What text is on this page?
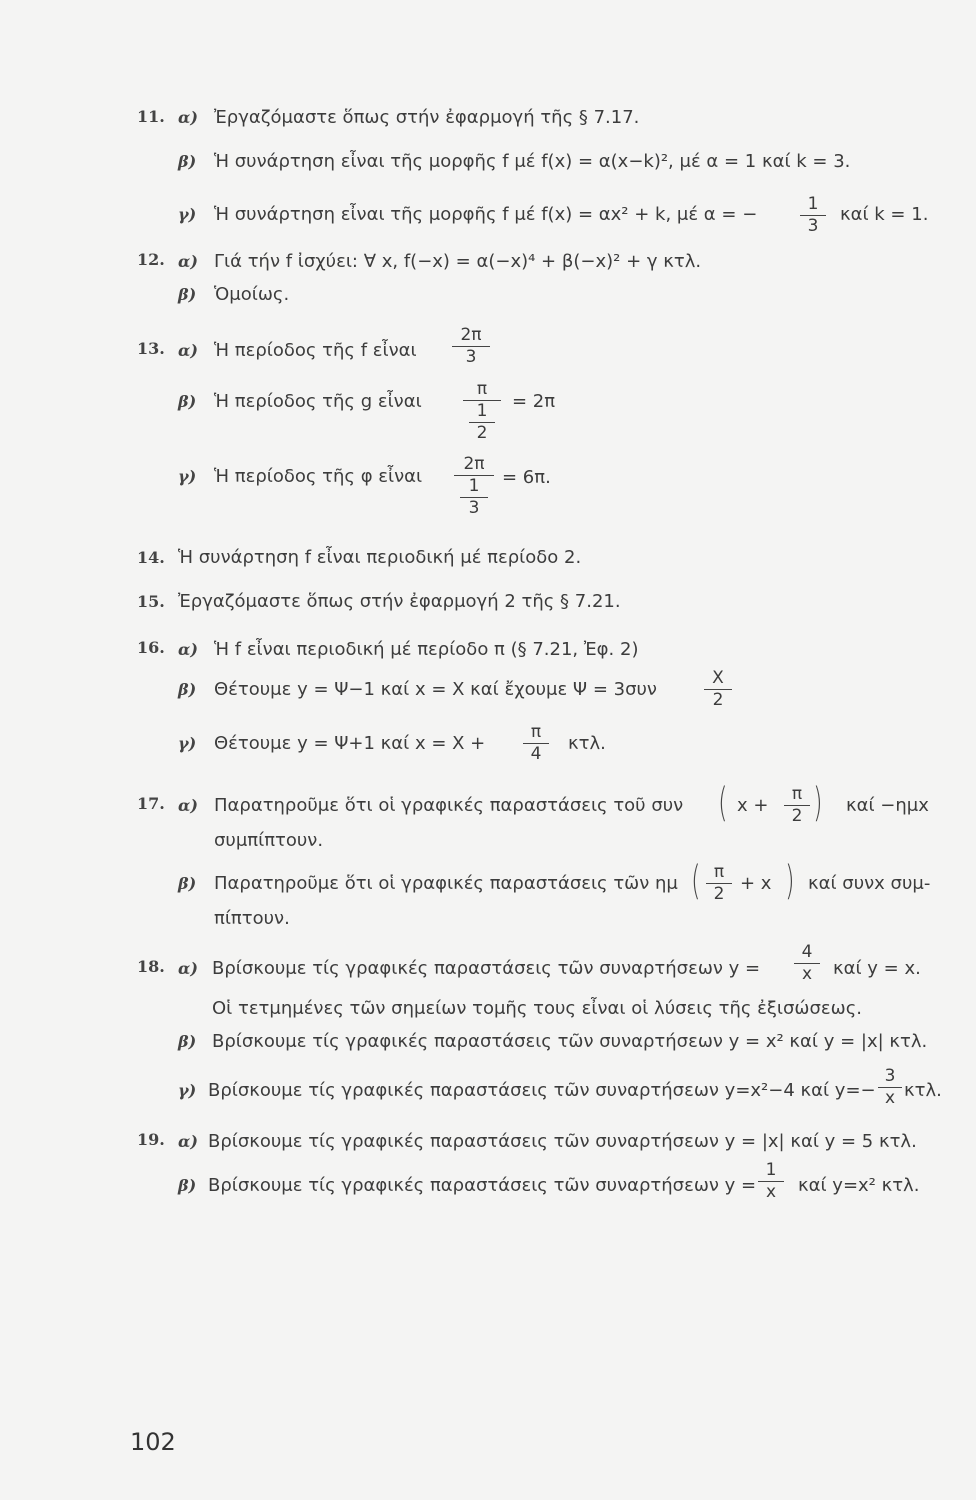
11. α) Ἐργαζόμαστε ὅπως στήν ἐφαρμογή τῆς § 7.17.
β) Ἡ συνάρτηση εἶναι τῆς μορφῆς f μέ f(x) = α(x−k)², μέ α = 1 καί k = 3.
γ) Ἡ συνάρτηση εἶναι τῆς μορφῆς f μέ f(x) = αx² + k, μέ α = −	$\frac{1}{3}$ καί k = 1.
12. α) Γιά τήν f ἰσχύει: ∀ x, f(−x) = α(−x)⁴ + β(−x)² + γ κτλ.
β) Ὁμοίως.
13. α) Ἡ περίοδος τῆς f εἶναι $\frac{2\pi}{3}$
β) Ἡ περίοδος τῆς g εἶναι
π
1
2
= 2π
γ) Ἡ περίοδος τῆς φ εἶναι
2π
1
3
= 6π.
14. Ἡ συνάρτηση f εἶναι περιοδική μέ περίοδο 2.
15. Ἐργαζόμαστε ὅπως στήν ἐφαρμογή 2 τῆς § 7.21.
16. α) Ἡ f εἶναι περιοδική μέ περίοδο π (§ 7.21, Ἐφ. 2)
β) Θέτουμε y = Ψ−1 καί x = X καί ἔχουμε Ψ = 3συν	$\frac{X}{2}$
γ) Θέτουμε y = Ψ+1 καί $x = X + \frac{\pi}{4} \kappa\tau\lambda$.
17. α) Παρατηροῦμε ὅτι οἱ γραφικές παραστάσεις τοῦ συν ( $x + \frac{\pi}{2}$ ) καί −ημx
συμπίπτουν.
β) Παρατηροῦμε ὅτι οἱ γραφικές παραστάσεις τῶν ημ ( $\frac{\pi}{2} + x$ ) καί συνx συμ-
πίπτουν.
18. α) Βρίσκουμε τίς γραφικές παραστάσεις τῶν συναρτήσεων $y = \frac{4}{x}$ καί y = x.
Οἱ τετμημένες τῶν σημείων τομῆς τους εἶναι οἱ λύσεις τῆς ἐξισώσεως.
β) Βρίσκουμε τίς γραφικές παραστάσεις τῶν συναρτήσεων y = x² καί y = |x| κτλ.
γ) Βρίσκουμε τίς γραφικές παραστάσεις τῶν συναρτήσεων y=x²−4 καί $y=- \frac{3}{x} \kappa\tau\lambda$.
19. α) Βρίσκουμε τίς γραφικές παραστάσεις τῶν συναρτήσεων y = |x| καί y = 5 κτλ.
β) Βρίσκουμε τίς γραφικές παραστάσεις τῶν συναρτήσεων $y = \frac{1}{x}$ καί y=x² κτλ.
102
